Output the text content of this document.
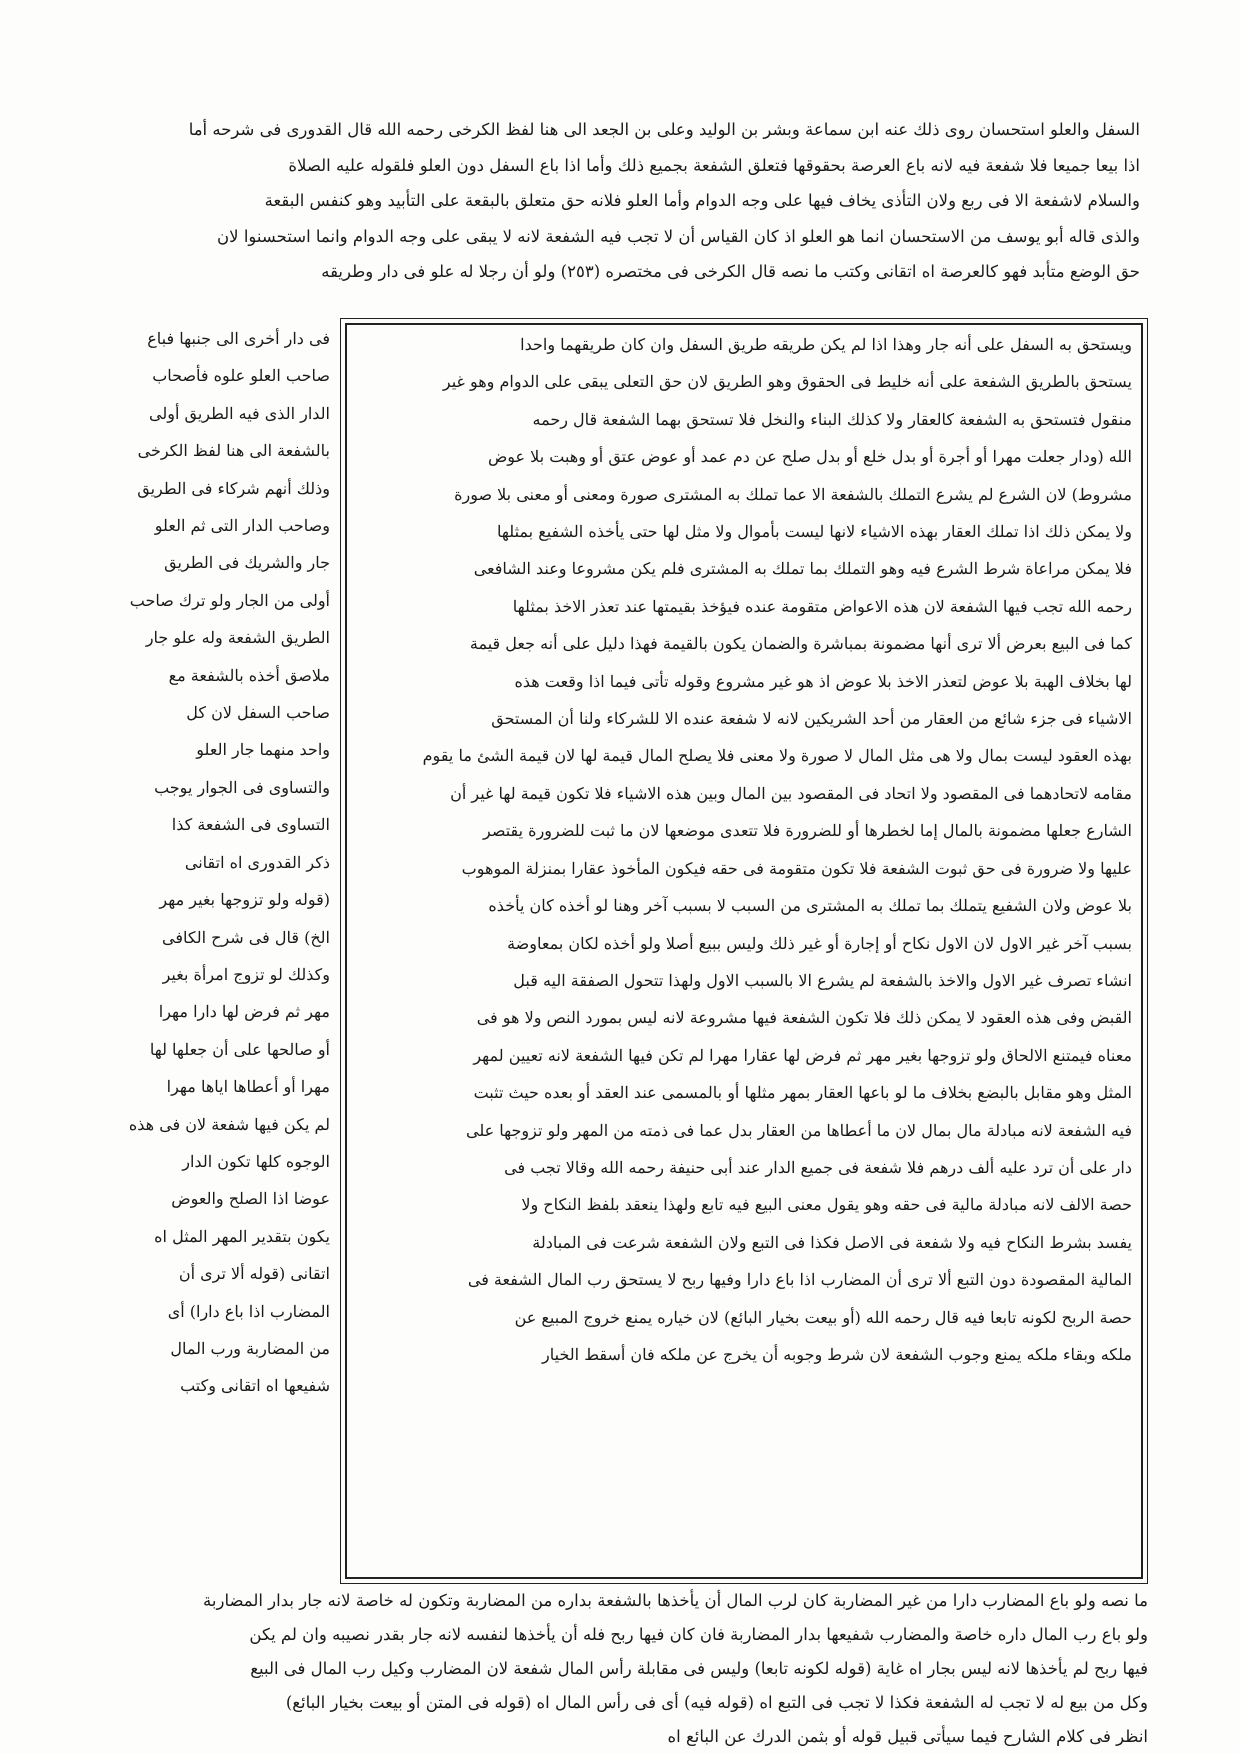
السفل والعلو استحسان روى ذلك عنه ابن سماعة وبشر بن الوليد وعلى بن الجعد الى هنا لفظ الكرخى رحمه الله قال القدورى فى شرحه أما
اذا بيعا جميعا فلا شفعة فيه لانه باع العرصة بحقوقها فتعلق الشفعة بجميع ذلك وأما اذا باع السفل دون العلو فلقوله عليه الصلاة
والسلام لاشفعة الا فى ربع ولان التأذى يخاف فيها على وجه الدوام وأما العلو فلانه حق متعلق بالبقعة على التأبيد وهو كنفس البقعة
والذى قاله أبو يوسف من الاستحسان انما هو العلو اذ كان القياس أن لا تجب فيه الشفعة لانه لا يبقى على وجه الدوام وانما استحسنوا لان
حق الوضع متأبد فهو كالعرصة اه اتقانى وكتب ما نصه قال الكرخى فى مختصره (٢٥٣) ولو أن رجلا له علو فى دار وطريقه
ويستحق به السفل على أنه جار وهذا اذا لم يكن طريقه طريق السفل وان كان طريقهما واحدا
يستحق بالطريق الشفعة على أنه خليط فى الحقوق وهو الطريق لان حق التعلى يبقى على الدوام وهو غير
منقول فتستحق به الشفعة كالعقار ولا كذلك البناء والنخل فلا تستحق بهما الشفعة قال رحمه
الله (ودار جعلت مهرا أو أجرة أو بدل خلع أو بدل صلح عن دم عمد أو عوض عتق أو وهبت بلا عوض
مشروط) لان الشرع لم يشرع التملك بالشفعة الا عما تملك به المشترى صورة ومعنى أو معنى بلا صورة
ولا يمكن ذلك اذا تملك العقار بهذه الاشياء لانها ليست بأموال ولا مثل لها حتى يأخذه الشفيع بمثلها
فلا يمكن مراعاة شرط الشرع فيه وهو التملك بما تملك به المشترى فلم يكن مشروعا وعند الشافعى
رحمه الله تجب فيها الشفعة لان هذه الاعواض متقومة عنده فيؤخذ بقيمتها عند تعذر الاخذ بمثلها
كما فى البيع بعرض ألا ترى أنها مضمونة بمباشرة والضمان يكون بالقيمة فهذا دليل على أنه جعل قيمة
لها بخلاف الهبة بلا عوض لتعذر الاخذ بلا عوض اذ هو غير مشروع وقوله تأتى فيما اذا وقعت هذه
الاشياء فى جزء شائع من العقار من أحد الشريكين لانه لا شفعة عنده الا للشركاء ولنا أن المستحق
بهذه العقود ليست بمال ولا هى مثل المال لا صورة ولا معنى فلا يصلح المال قيمة لها لان قيمة الشئ ما يقوم
مقامه لاتحادهما فى المقصود ولا اتحاد فى المقصود بين المال وبين هذه الاشياء فلا تكون قيمة لها غير أن
الشارع جعلها مضمونة بالمال إما لخطرها أو للضرورة فلا تتعدى موضعها لان ما ثبت للضرورة يقتصر
عليها ولا ضرورة فى حق ثبوت الشفعة فلا تكون متقومة فى حقه فيكون المأخوذ عقارا بمنزلة الموهوب
بلا عوض ولان الشفيع يتملك بما تملك به المشترى من السبب لا بسبب آخر وهنا لو أخذه كان يأخذه
بسبب آخر غير الاول لان الاول نكاح أو إجارة أو غير ذلك وليس ببيع أصلا ولو أخذه لكان بمعاوضة
انشاء تصرف غير الاول والاخذ بالشفعة لم يشرع الا بالسبب الاول ولهذا تتحول الصفقة اليه قبل
القبض وفى هذه العقود لا يمكن ذلك فلا تكون الشفعة فيها مشروعة لانه ليس بمورد النص ولا هو فى
معناه فيمتنع الالحاق ولو تزوجها بغير مهر ثم فرض لها عقارا مهرا لم تكن فيها الشفعة لانه تعيين لمهر
المثل وهو مقابل بالبضع بخلاف ما لو باعها العقار بمهر مثلها أو بالمسمى عند العقد أو بعده حيث تثبت
فيه الشفعة لانه مبادلة مال بمال لان ما أعطاها من العقار بدل عما فى ذمته من المهر ولو تزوجها على
دار على أن ترد عليه ألف درهم فلا شفعة فى جميع الدار عند أبى حنيفة رحمه الله وقالا تجب فى
حصة الالف لانه مبادلة مالية فى حقه وهو يقول معنى البيع فيه تابع ولهذا ينعقد بلفظ النكاح ولا
يفسد بشرط النكاح فيه ولا شفعة فى الاصل فكذا فى التبع ولان الشفعة شرعت فى المبادلة
المالية المقصودة دون التبع ألا ترى أن المضارب اذا باع دارا وفيها ربح لا يستحق رب المال الشفعة فى
حصة الربح لكونه تابعا فيه قال رحمه الله (أو بيعت بخيار البائع) لان خياره يمنع خروج المبيع عن
ملكه وبقاء ملكه يمنع وجوب الشفعة لان شرط وجوبه أن يخرج عن ملكه فان أسقط الخيار
فى دار أخرى الى جنبها فباع
صاحب العلو علوه فأصحاب
الدار الذى فيه الطريق أولى
بالشفعة الى هنا لفظ الكرخى
وذلك أنهم شركاء فى الطريق
وصاحب الدار التى ثم العلو
جار والشريك فى الطريق
أولى من الجار ولو ترك صاحب
الطريق الشفعة وله علو جار
ملاصق أخذه بالشفعة مع
صاحب السفل لان كل
واحد منهما جار العلو
والتساوى فى الجوار يوجب
التساوى فى الشفعة كذا
ذكر القدورى اه اتقانى
(قوله ولو تزوجها بغير مهر
الخ) قال فى شرح الكافى
وكذلك لو تزوج امرأة بغير
مهر ثم فرض لها دارا مهرا
أو صالحها على أن جعلها لها
مهرا أو أعطاها اياها مهرا
لم يكن فيها شفعة لان فى هذه
الوجوه كلها تكون الدار
عوضا اذا الصلح والعوض
يكون بتقدير المهر المثل اه
اتقانى (قوله ألا ترى أن
المضارب اذا باع دارا) أى
من المضاربة ورب المال
شفيعها اه اتقانى وكتب
ما نصه ولو باع المضارب دارا من غير المضاربة كان لرب المال أن يأخذها بالشفعة بداره من المضاربة وتكون له خاصة لانه جار بدار المضاربة
ولو باع رب المال داره خاصة والمضارب شفيعها بدار المضاربة فان كان فيها ربح فله أن يأخذها لنفسه لانه جار بقدر نصيبه وان لم يكن
فيها ربح لم يأخذها لانه ليس بجار اه غاية (قوله لكونه تابعا) وليس فى مقابلة رأس المال شفعة لان المضارب وكيل رب المال فى البيع
وكل من بيع له لا تجب له الشفعة فكذا لا تجب فى التبع اه (قوله فيه) أى فى رأس المال اه (قوله فى المتن أو بيعت بخيار البائع)
انظر فى كلام الشارح فيما سيأتى قبيل قوله أو بثمن الدرك عن البائع اه
